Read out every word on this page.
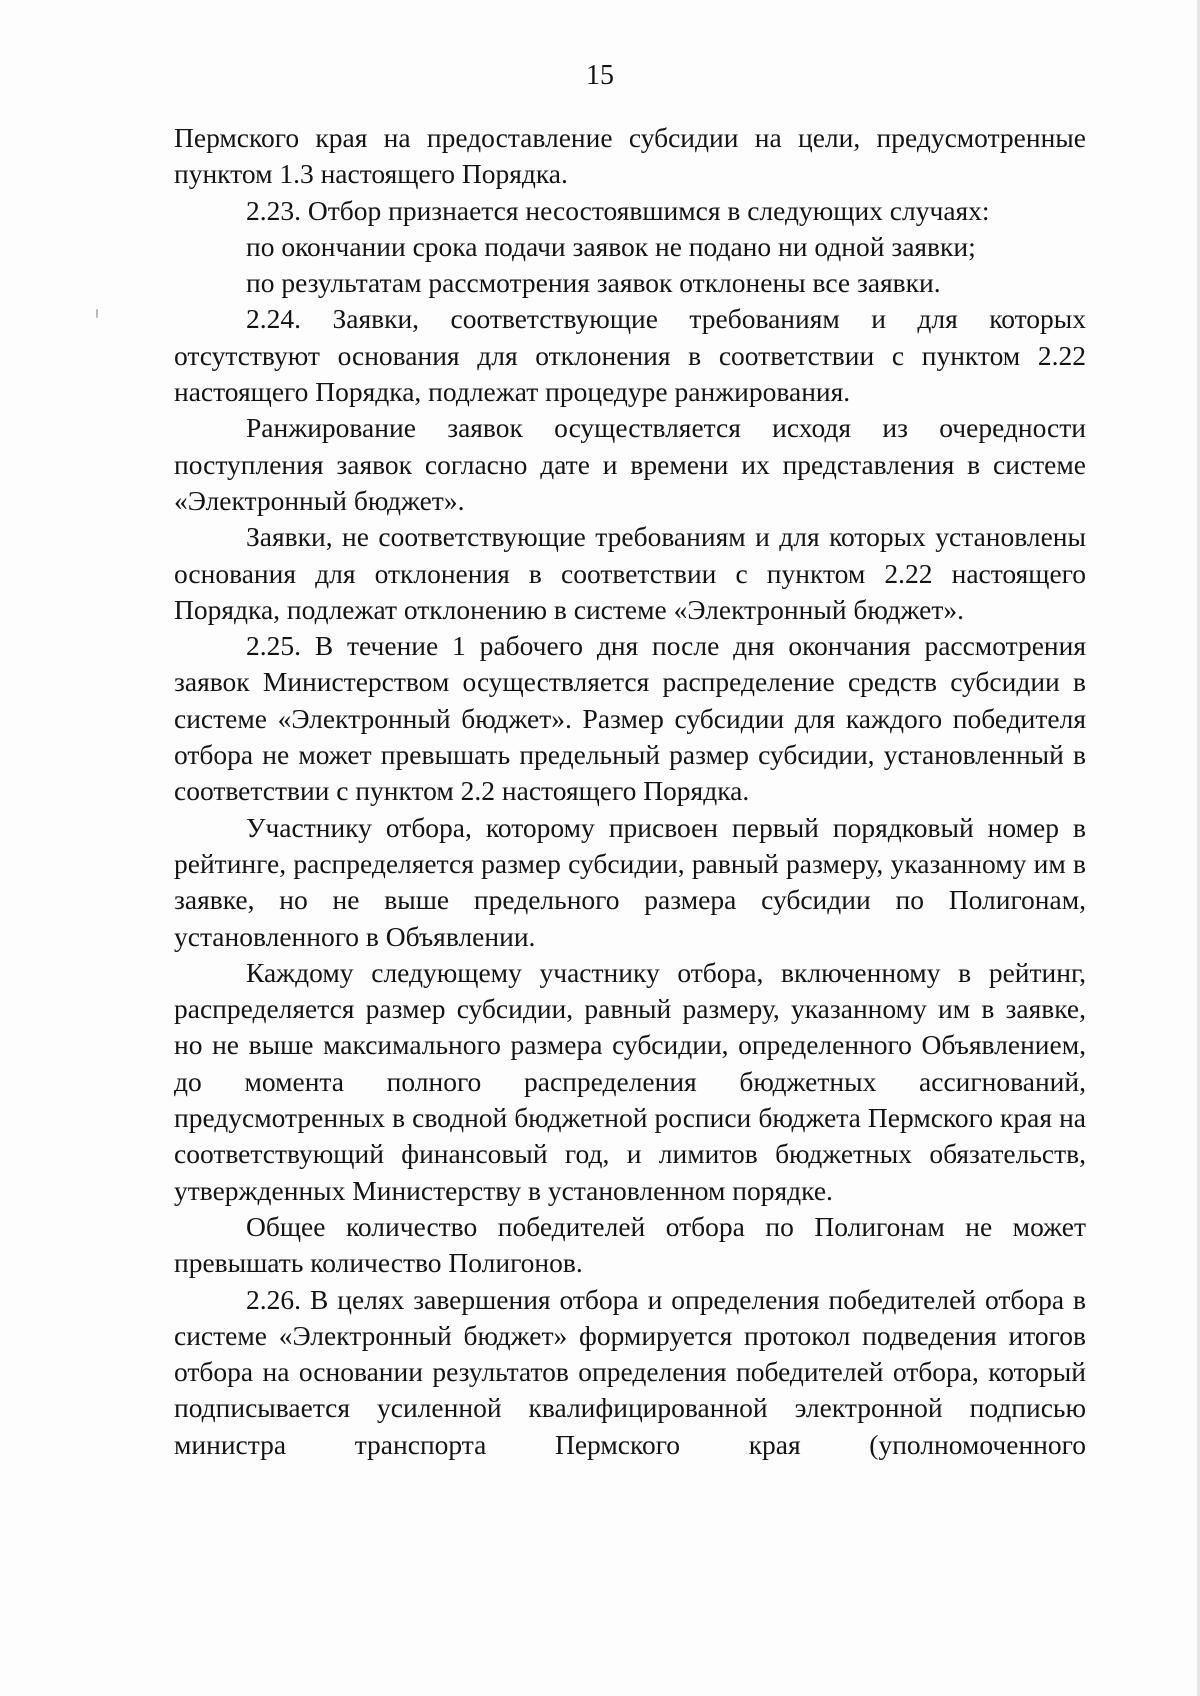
15

Пермского края на предоставление субсидии на цели, предусмотренные пунктом 1.3 настоящего Порядка.

2.23. Отбор признается несостоявшимся в следующих случаях:

по окончании срока подачи заявок не подано ни одной заявки;

по результатам рассмотрения заявок отклонены все заявки.

2.24. Заявки, соответствующие требованиям и для которых отсутствуют основания для отклонения в соответствии с пунктом 2.22 настоящего Порядка, подлежат процедуре ранжирования.

Ранжирование заявок осуществляется исходя из очередности поступления заявок согласно дате и времени их представления в системе «Электронный бюджет».

Заявки, не соответствующие требованиям и для которых установлены основания для отклонения в соответствии с пунктом 2.22 настоящего Порядка, подлежат отклонению в системе «Электронный бюджет».

2.25. В течение 1 рабочего дня после дня окончания рассмотрения заявок Министерством осуществляется распределение средств субсидии в системе «Электронный бюджет». Размер субсидии для каждого победителя отбора не может превышать предельный размер субсидии, установленный в соответствии с пунктом 2.2 настоящего Порядка.

Участнику отбора, которому присвоен первый порядковый номер в рейтинге, распределяется размер субсидии, равный размеру, указанному им в заявке, но не выше предельного размера субсидии по Полигонам, установленного в Объявлении.

Каждому следующему участнику отбора, включенному в рейтинг, распределяется размер субсидии, равный размеру, указанному им в заявке, но не выше максимального размера субсидии, определенного Объявлением, до момента полного распределения бюджетных ассигнований, предусмотренных в сводной бюджетной росписи бюджета Пермского края на соответствующий финансовый год, и лимитов бюджетных обязательств, утвержденных Министерству в установленном порядке.

Общее количество победителей отбора по Полигонам не может превышать количество Полигонов.

2.26. В целях завершения отбора и определения победителей отбора в системе «Электронный бюджет» формируется протокол подведения итогов отбора на основании результатов определения победителей отбора, который подписывается усиленной квалифицированной электронной подписью министра транспорта Пермского края (уполномоченного
